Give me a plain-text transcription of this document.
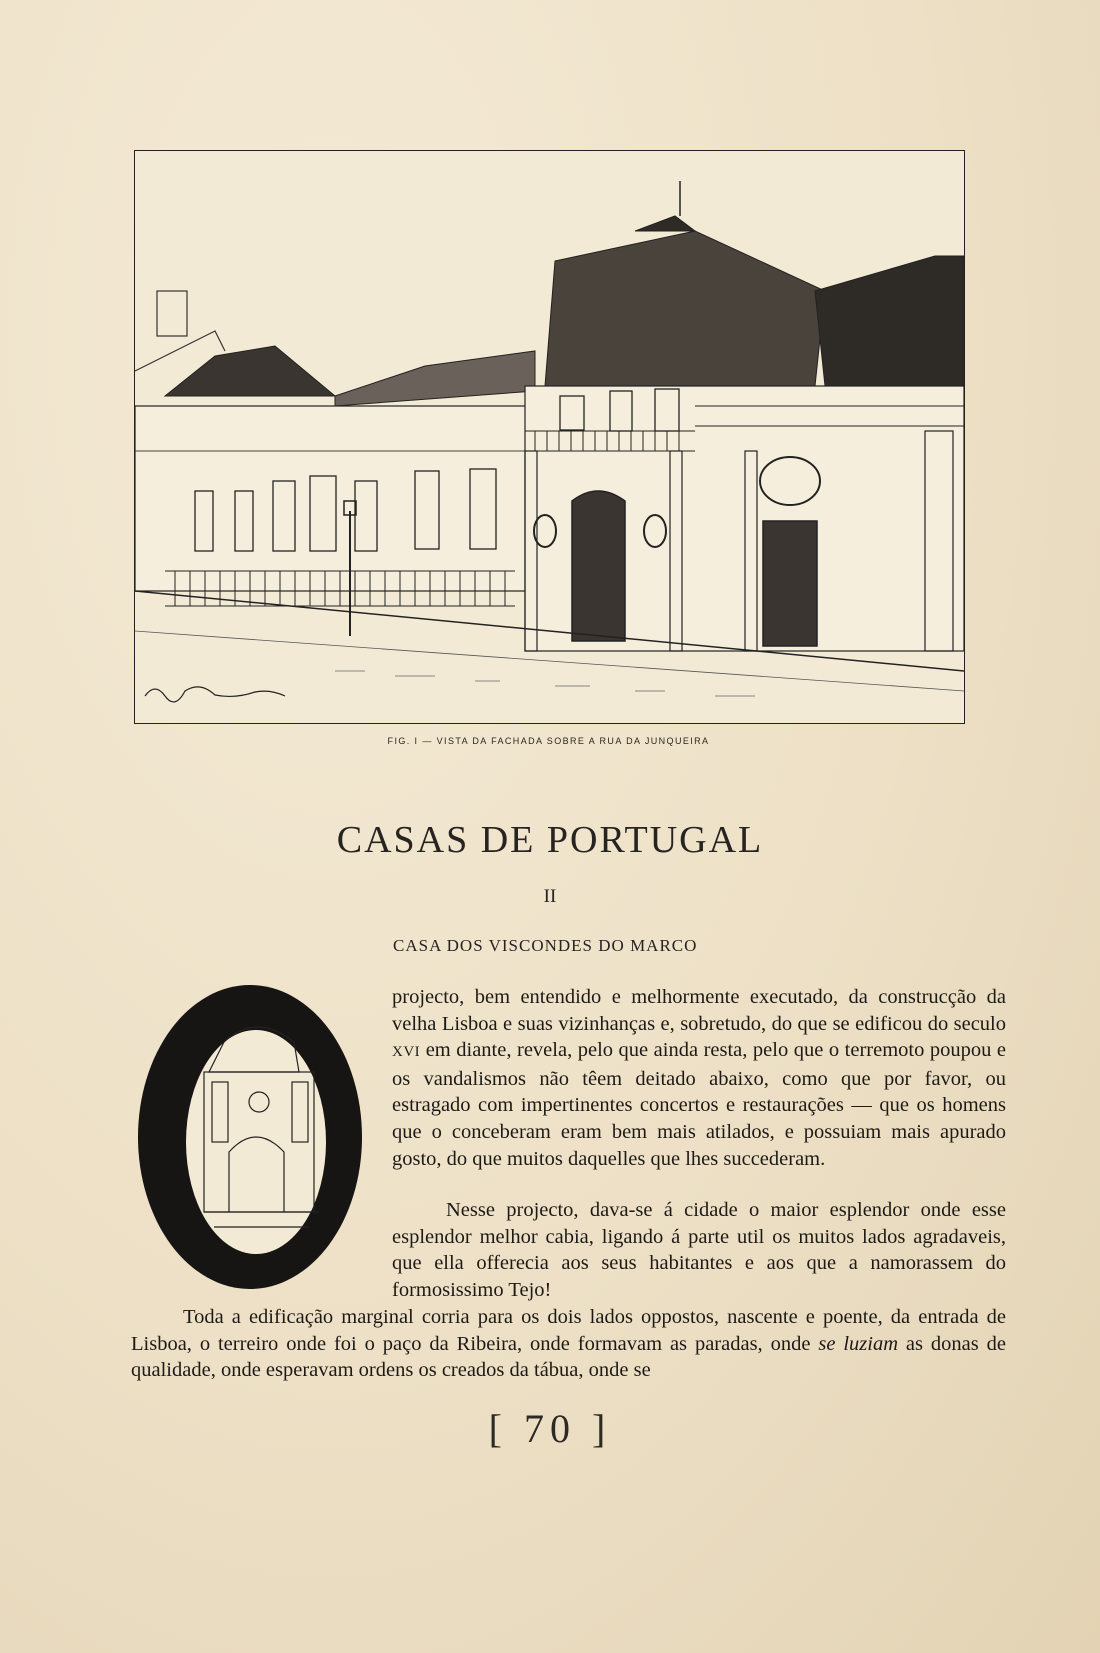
FIG. I — VISTA DA FACHADA SOBRE A RUA DA JUNQUEIRA
CASAS DE PORTUGAL
II
CASA DOS VISCONDES DO MARCO

projecto, bem entendido e melhormente executado, da construcção da velha Lisboa e suas vizinhanças e, sobretudo, do que se edificou do seculo XVI em diante, revela, pelo que ainda resta, pelo que o terremoto poupou e os vandalismos não têem deitado abaixo, como que por favor, ou estragado com impertinentes concertos e restaurações — que os homens que o conceberam eram bem mais atilados, e possuiam mais apurado gosto, do que muitos daquelles que lhes succederam.

Nesse projecto, dava-se á cidade o maior esplendor onde esse esplendor melhor cabia, ligando á parte util os muitos lados agradaveis, que ella offerecia aos seus habitantes e aos que a namorassem do formosissimo Tejo!

Toda a edificação marginal corria para os dois lados oppostos, nascente e poente, da entrada de Lisboa, o terreiro onde foi o paço da Ribeira, onde formavam as paradas, onde se luziam as donas de qualidade, onde esperavam ordens os creados da tábua, onde se

[ 70 ]
